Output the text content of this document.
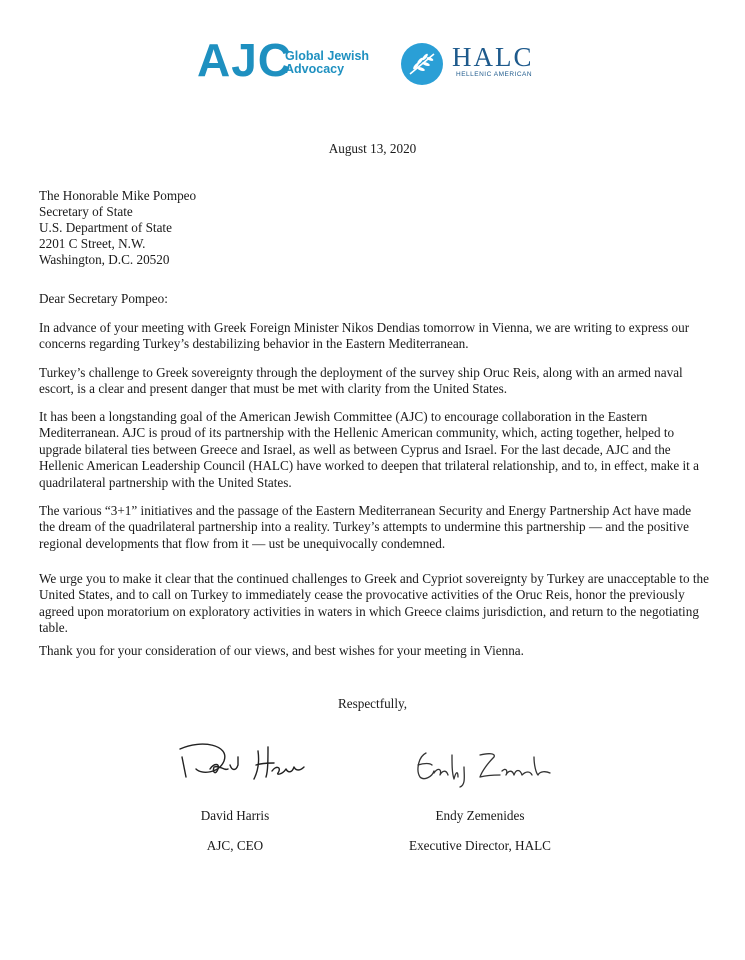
AJC
Global Jewish
Advocacy	HALC
HELLENIC AMERICAN
August 13, 2020
The Honorable Mike Pompeo
Secretary of State
U.S. Department of State
2201 C Street, N.W.
Washington, D.C. 20520
Dear Secretary Pompeo:

In advance of your meeting with Greek Foreign Minister Nikos Dendias tomorrow in Vienna, we are writing to express our concerns regarding Turkey’s destabilizing behavior in the Eastern Mediterranean.

Turkey’s challenge to Greek sovereignty through the deployment of the survey ship Oruc Reis, along with an armed naval escort, is a clear and present danger that must be met with clarity from the United States.

It has been a longstanding goal of the American Jewish Committee (AJC) to encourage collaboration in the Eastern Mediterranean. AJC is proud of its partnership with the Hellenic American community, which, acting together, helped to upgrade bilateral ties between Greece and Israel, as well as between Cyprus and Israel. For the last decade, AJC and the Hellenic American Leadership Council (HALC) have worked to deepen that trilateral relationship, and to, in effect, make it a quadrilateral partnership with the United States.

The various “3+1” initiatives and the passage of the Eastern Mediterranean Security and Energy Partnership Act have made the dream of the quadrilateral partnership into a reality. Turkey’s attempts to undermine this partnership — and the positive regional developments that flow from it — ust be unequivocally condemned.

We urge you to make it clear that the continued challenges to Greek and Cypriot sovereignty by Turkey are unacceptable to the United States, and to call on Turkey to immediately cease the provocative activities of the Oruc Reis, honor the previously agreed upon moratorium on exploratory activities in waters in which Greece claims jurisdiction, and return to the negotiating table.

Thank you for your consideration of our views, and best wishes for your meeting in Vienna.

Respectfully,
David Harris
AJC, CEO
Endy Zemenides
Executive Director, HALC
